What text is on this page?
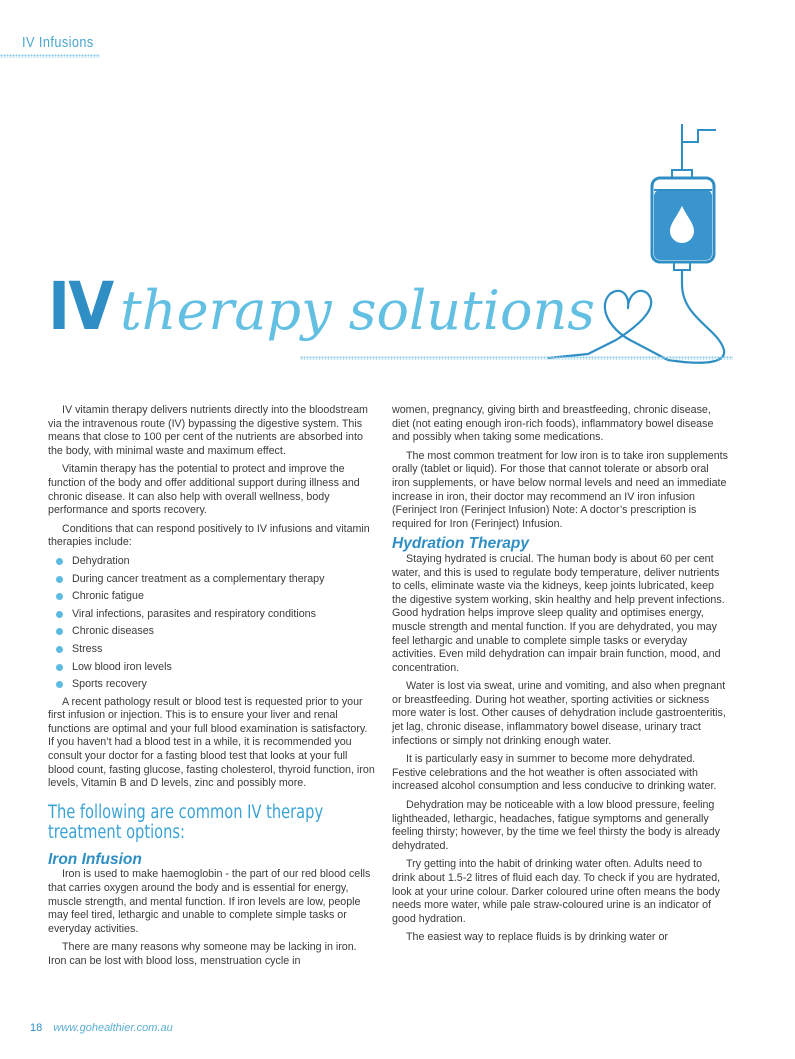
IV Infusions
IV therapy solutions

IV vitamin therapy delivers nutrients directly into the bloodstream via the intravenous route (IV) bypassing the digestive system. This means that close to 100 per cent of the nutrients are absorbed into the body, with minimal waste and maximum effect.

Vitamin therapy has the potential to protect and improve the function of the body and offer additional support during illness and chronic disease. It can also help with overall wellness, body performance and sports recovery.

Conditions that can respond positively to IV infusions and vitamin therapies include:

Dehydration
During cancer treatment as a complementary therapy
Chronic fatigue
Viral infections, parasites and respiratory conditions
Chronic diseases
Stress
Low blood iron levels
Sports recovery

A recent pathology result or blood test is requested prior to your first infusion or injection. This is to ensure your liver and renal functions are optimal and your full blood examination is satisfactory. If you haven’t had a blood test in a while, it is recommended you consult your doctor for a fasting blood test that looks at your full blood count, fasting glucose, fasting cholesterol, thyroid function, iron levels, Vitamin B and D levels, zinc and possibly more.

The following are common IV therapy treatment options:
Iron Infusion

Iron is used to make haemoglobin - the part of our red blood cells that carries oxygen around the body and is essential for energy, muscle strength, and mental function. If iron levels are low, people may feel tired, lethargic and unable to complete simple tasks or everyday activities.

There are many reasons why someone may be lacking in iron. Iron can be lost with blood loss, menstruation cycle in

women, pregnancy, giving birth and breastfeeding, chronic disease, diet (not eating enough iron-rich foods), inflammatory bowel disease and possibly when taking some medications.

The most common treatment for low iron is to take iron supplements orally (tablet or liquid). For those that cannot tolerate or absorb oral iron supplements, or have below normal levels and need an immediate increase in iron, their doctor may recommend an IV iron infusion (Ferinject Iron (Ferinject Infusion) Note: A doctor’s prescription is required for Iron (Ferinject) Infusion.

Hydration Therapy

Staying hydrated is crucial. The human body is about 60 per cent water, and this is used to regulate body temperature, deliver nutrients to cells, eliminate waste via the kidneys, keep joints lubricated, keep the digestive system working, skin healthy and help prevent infections. Good hydration helps improve sleep quality and optimises energy, muscle strength and mental function. If you are dehydrated, you may feel lethargic and unable to complete simple tasks or everyday activities. Even mild dehydration can impair brain function, mood, and concentration.

Water is lost via sweat, urine and vomiting, and also when pregnant or breastfeeding. During hot weather, sporting activities or sickness more water is lost. Other causes of dehydration include gastroenteritis, jet lag, chronic disease, inflammatory bowel disease, urinary tract infections or simply not drinking enough water.

It is particularly easy in summer to become more dehydrated. Festive celebrations and the hot weather is often associated with increased alcohol consumption and less conducive to drinking water.

Dehydration may be noticeable with a low blood pressure, feeling lightheaded, lethargic, headaches, fatigue symptoms and generally feeling thirsty; however, by the time we feel thirsty the body is already dehydrated.

Try getting into the habit of drinking water often. Adults need to drink about 1.5-2 litres of fluid each day. To check if you are hydrated, look at your urine colour. Darker coloured urine often means the body needs more water, while pale straw-coloured urine is an indicator of good hydration.

The easiest way to replace fluids is by drinking water or

18 www.gohealthier.com.au
